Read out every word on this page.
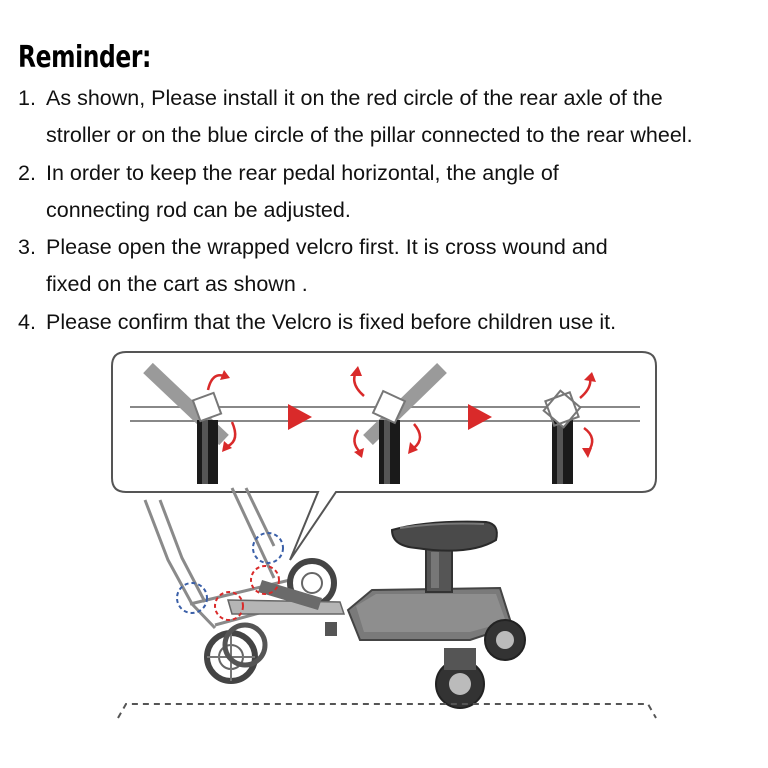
Reminder:
1. As shown, Please install it on the red circle of the rear axle of the
stroller or on the blue circle of the pillar connected to the rear wheel.
2. In order to keep the rear pedal horizontal, the angle of
connecting rod can be adjusted.
3. Please open the wrapped velcro first. It is cross wound and
fixed on the cart as shown .
4. Please confirm that the Velcro is fixed before children use it.
